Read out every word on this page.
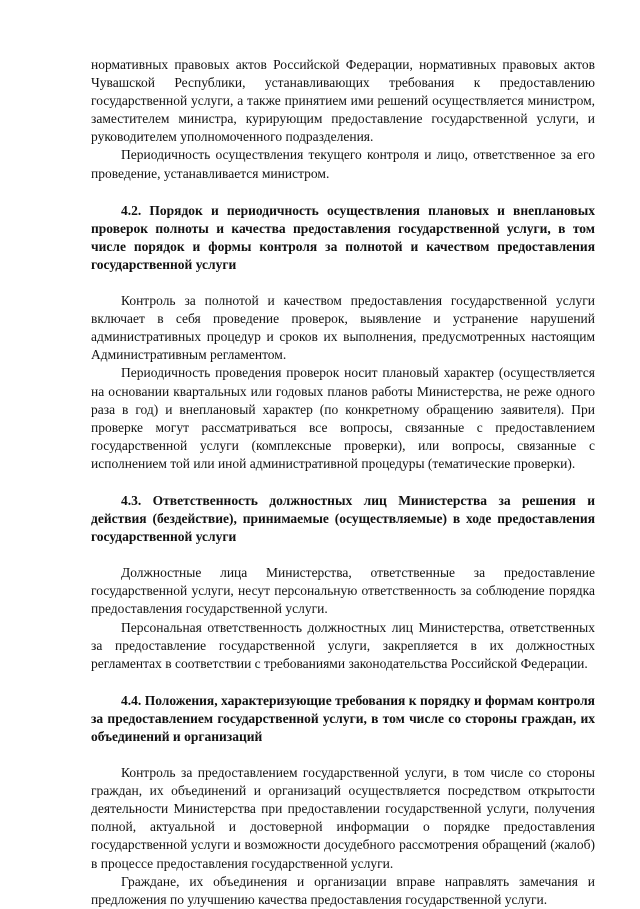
нормативных правовых актов Российской Федерации, нормативных правовых актов Чувашской Республики, устанавливающих требования к предоставлению государственной услуги, а также принятием ими решений осуществляется министром, заместителем министра, курирующим предоставление государственной услуги, и руководителем уполномоченного подразделения.

Периодичность осуществления текущего контроля и лицо, ответственное за его проведение, устанавливается министром.

4.2. Порядок и периодичность осуществления плановых и внеплановых проверок полноты и качества предоставления государственной услуги, в том числе порядок и формы контроля за полнотой и качеством предоставления государственной услуги

Контроль за полнотой и качеством предоставления государственной услуги включает в себя проведение проверок, выявление и устранение нарушений административных процедур и сроков их выполнения, предусмотренных настоящим Административным регламентом.

Периодичность проведения проверок носит плановый характер (осуществляется на основании квартальных или годовых планов работы Министерства, не реже одного раза в год) и внеплановый характер (по конкретному обращению заявителя). При проверке могут рассматриваться все вопросы, связанные с предоставлением государственной услуги (комплексные проверки), или вопросы, связанные с исполнением той или иной административной процедуры (тематические проверки).

4.3. Ответственность должностных лиц Министерства за решения и действия (бездействие), принимаемые (осуществляемые) в ходе предоставления государственной услуги

Должностные лица Министерства, ответственные за предоставление государственной услуги, несут персональную ответственность за соблюдение порядка предоставления государственной услуги.

Персональная ответственность должностных лиц Министерства, ответственных за предоставление государственной услуги, закрепляется в их должностных регламентах в соответствии с требованиями законодательства Российской Федерации.

4.4. Положения, характеризующие требования к порядку и формам контроля за предоставлением государственной услуги, в том числе со стороны граждан, их объединений и организаций

Контроль за предоставлением государственной услуги, в том числе со стороны граждан, их объединений и организаций осуществляется посредством открытости деятельности Министерства при предоставлении государственной услуги, получения полной, актуальной и достоверной информации о порядке предоставления государственной услуги и возможности досудебного рассмотрения обращений (жалоб) в процессе предоставления государственной услуги.

Граждане, их объединения и организации вправе направлять замечания и предложения по улучшению качества предоставления государственной услуги.
